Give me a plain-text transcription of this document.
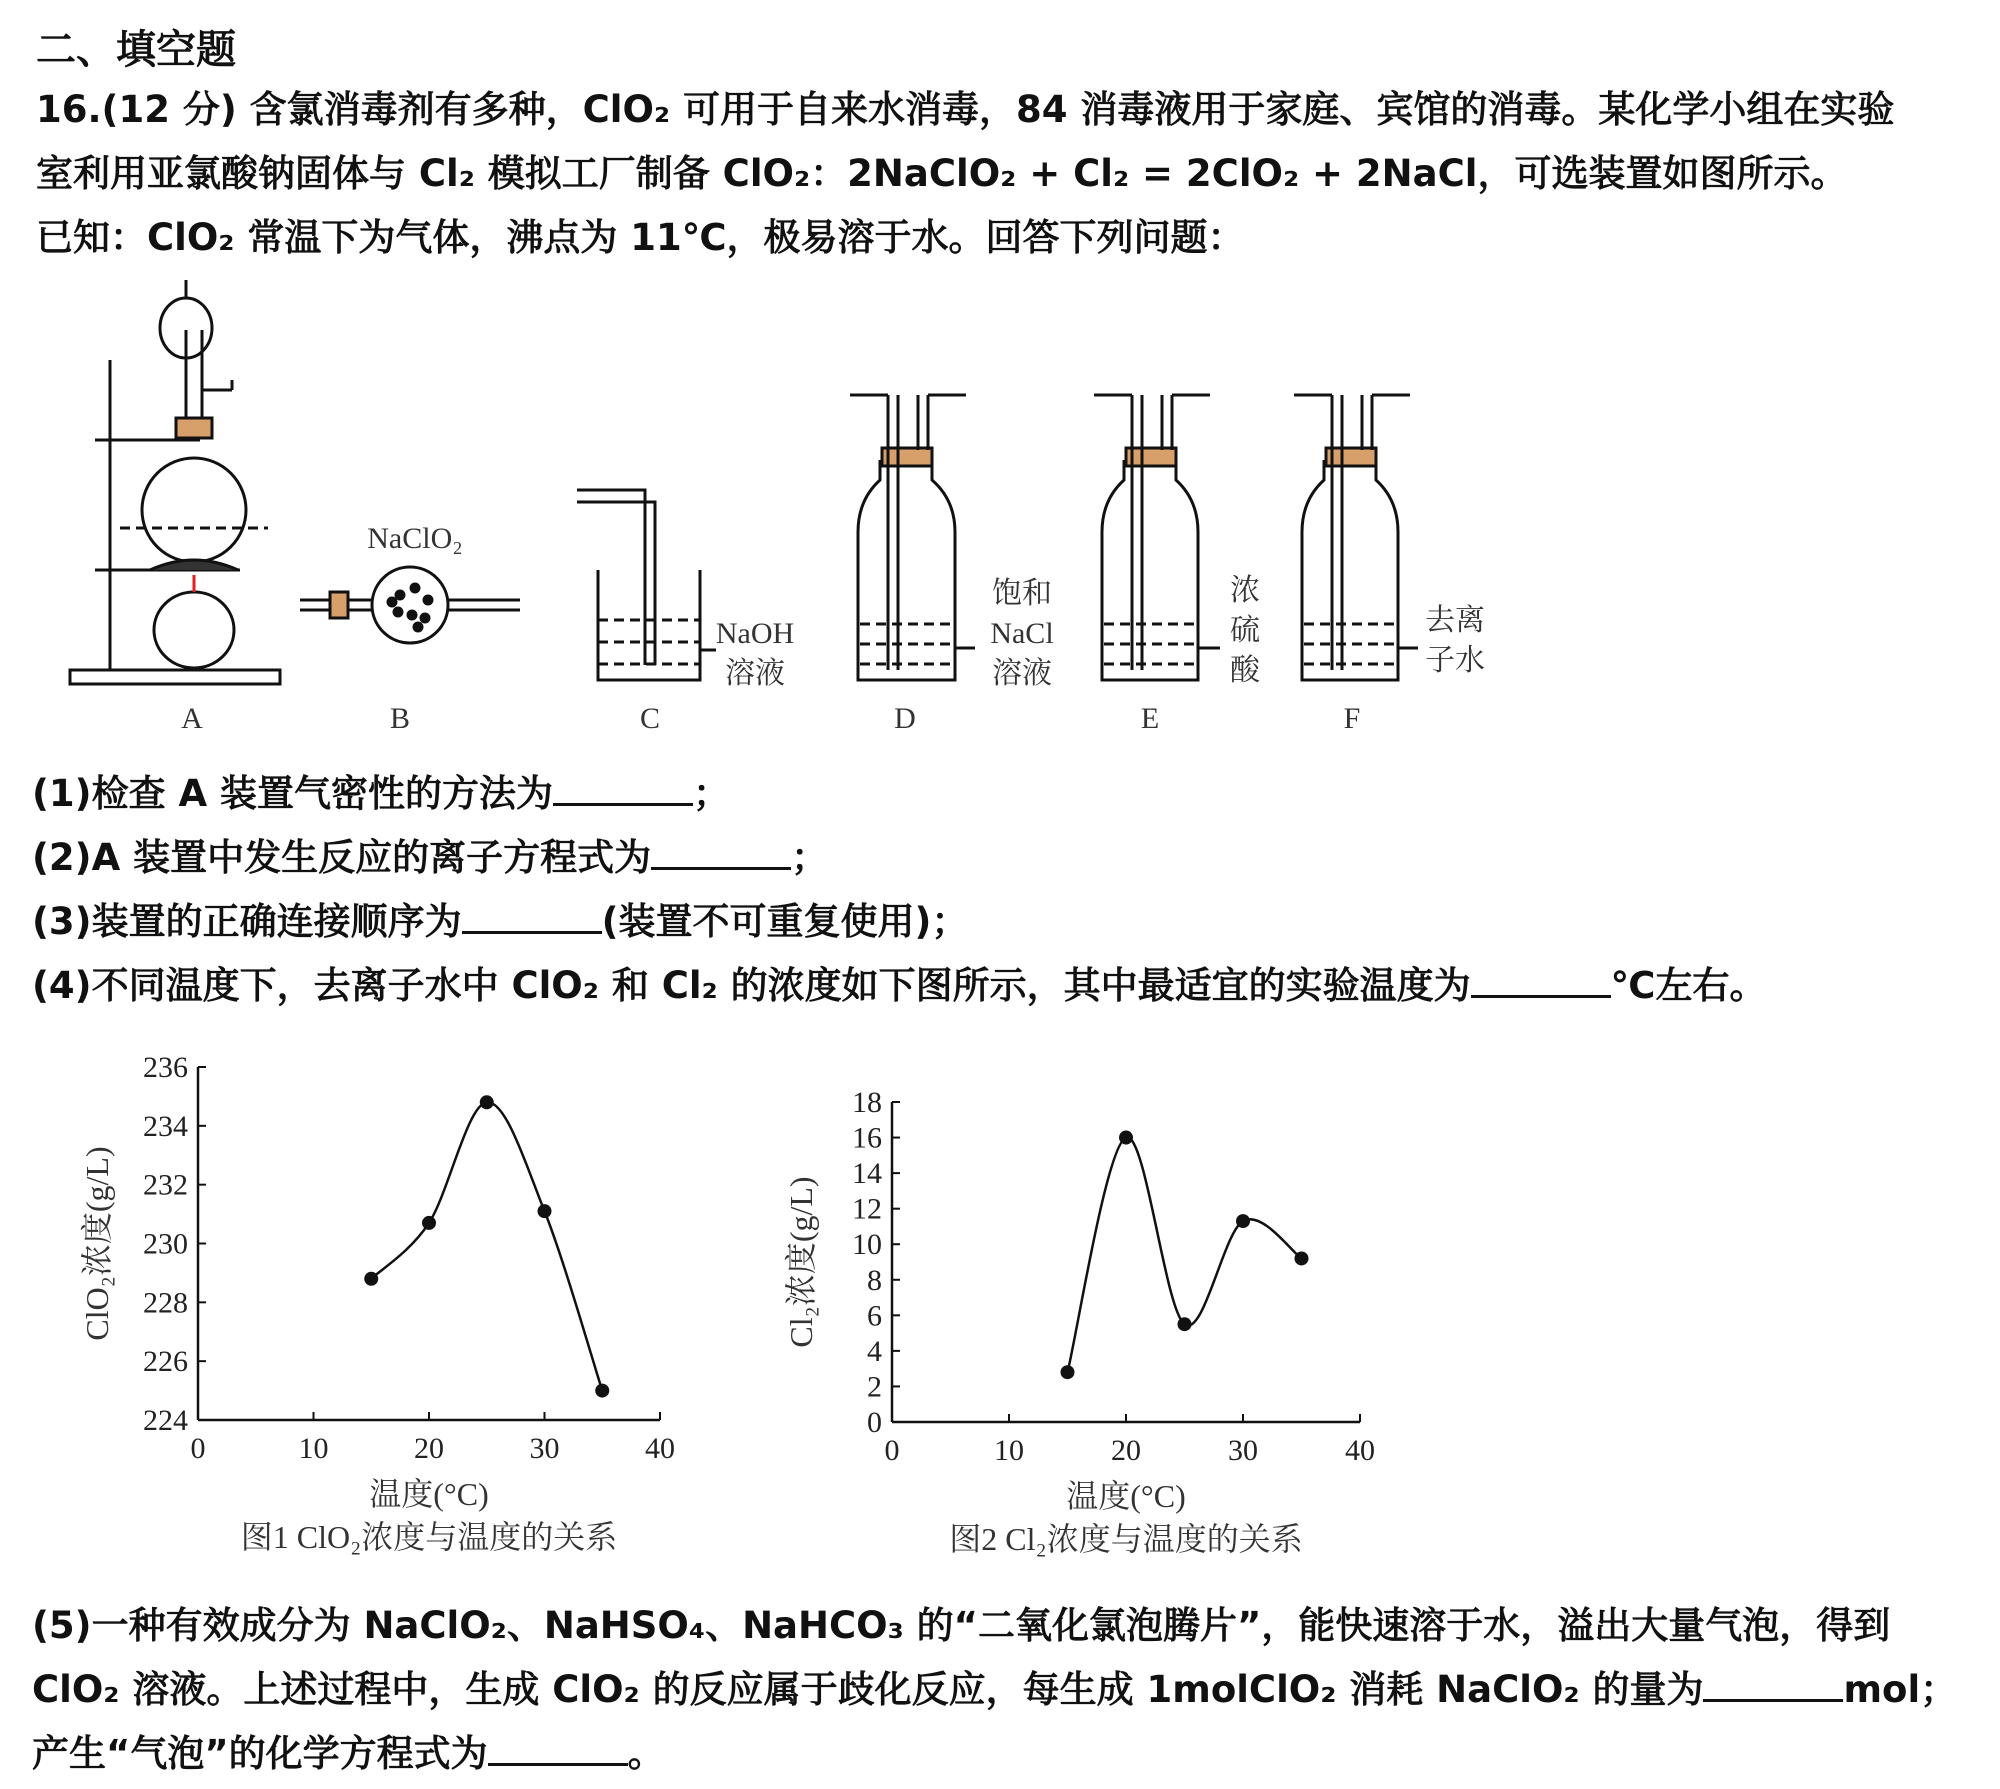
二、填空题
16.(12 分) 含氯消毒剂有多种，ClO₂ 可用于自来水消毒，84 消毒液用于家庭、宾馆的消毒。某化学小组在实验
室利用亚氯酸钠固体与 Cl₂ 模拟工厂制备 ClO₂：2NaClO₂ + Cl₂ = 2ClO₂ + 2NaCl，可选装置如图所示。
已知：ClO₂ 常温下为气体，沸点为 11℃，极易溶于水。回答下列问题：
NaClO₂
NaOH
溶液
饱和
NaCl
溶液
浓
硫
酸
去离
子水
A	B	C	D	E	F
(1)检查 A 装置气密性的方法为	；
(2)A 装置中发生反应的离子方程式为	；
(3)装置的正确连接顺序为	(装置不可重复使用)；
(4)不同温度下，去离子水中 ClO₂ 和 Cl₂ 的浓度如下图所示，其中最适宜的实验温度为	℃左右。
0	10	20	30	40
224
226
228
230
232
234
236
温度(°C)
ClO₂浓度(g/L)
图1 ClO₂浓度与温度的关系
0	10	20	30	40
0
2
4
6
8
10
12
14
16
18
温度(°C)
Cl₂浓度(g/L)
图2 Cl₂浓度与温度的关系
(5)一种有效成分为 NaClO₂、NaHSO₄、NaHCO₃ 的“二氧化氯泡腾片”，能快速溶于水，溢出大量气泡，得到
ClO₂ 溶液。上述过程中，生成 ClO₂ 的反应属于歧化反应，每生成 1molClO₂ 消耗 NaClO₂ 的量为	mol；
产生“气泡”的化学方程式为	。
